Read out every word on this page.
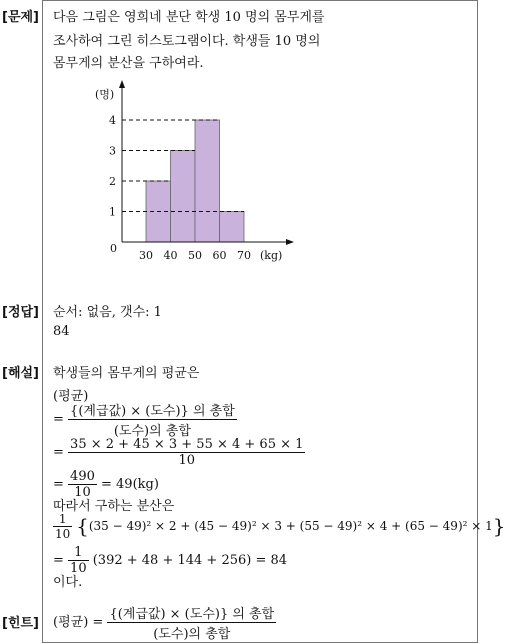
[문제] 다음 그림은 영희네 분단 학생 10 명의 몸무게를
조사하여 그린 히스토그램이다. 학생들 10 명의
몸무게의 분산을 구하여라.
(명)
0
(kg)
1
2
3
4
30 40 50 60 70
[정답] 순서: 없음, 갯수: 1
84
[해설] 학생들의 몸무게의 평균은
(평균)
= $\frac{\text{\{(계급값) × (도수)\} 의 총합}}{\text{(도수)의 총합}}$
= $\frac{35 \times 2 + 45 \times 3 + 55 \times 4 + 65 \times 1}{10}$
= $\frac{490}{10} = 49(kg)$
따라서 구하는 분산은
$\frac{1}{10} \{(35 - 49)^2 \times 2 + (45 - 49)^2 \times 3 + (55 - 49)^2 \times 4 + (65 - 49)^2 \times 1\}$
= $\frac{1}{10} (392 + 48 + 144 + 256) = 84$
이다.
[힌트] (평균) = $\frac{\text{\{(계급값) × (도수)\} 의 총합}}{\text{(도수)의 총합}}$
